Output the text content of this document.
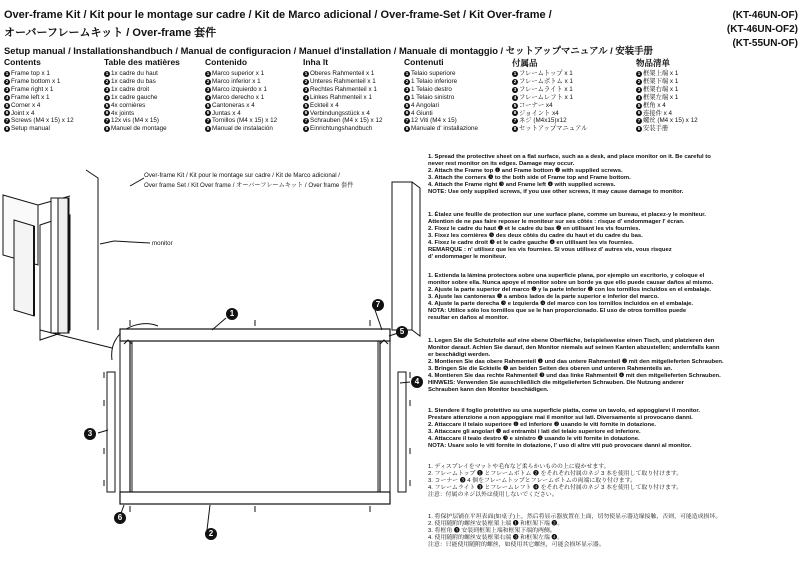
Over-frame Kit / Kit pour le montage sur cadre / Kit de Marco adicional / Over-frame-Set / Kit Over-frame /
オーバーフレームキット / Over-frame 套件
Setup manual / Installationshandbuch / Manual de configuracion / Manuel d'installation / Manuale di montaggio / セットアップマニュアル / 安装手册
(KT-46UN-OF)
(KT-46UN-OF2)
(KT-55UN-OF)
Contents
1 Frame top x 1
2 Frame bottom x 1
3 Frame right x 1
4 Frame left x 1
5 Corner x 4
6 Joint x 4
7 Screws (M4 x 15) x 12
8 Setup manual
Table des matières
1 1x cadre du haut
2 1x cadre du bas
3 1x cadre droit
4 1x cadre gauche
5 4x cornières
6 4x joints
7 12x vis (M4 x 15)
8 Manuel de montage
Contenido
1 Marco superior x 1
2 Marco inferior x 1
3 Marco izquierdo x 1
4 Marco derecho x 1
5 Cantoneras x 4
6 Juntas x 4
7 Tornillos (M4 x 15) x 12
8 Manual de instalación
Inha lt
1 Oberes Rahmenteil x 1
2 Unteres Rahmenteil x 1
3 Rechtes Rahmenteil x 1
4 Linkes Rahmenteil x 1
5 Eckteil x 4
6 Verbindungsstück x 4
7 Schrauben (M4 x 15) x 12
8 Einrichtungshandbuch
Contenuti
1 Telaio superiore
2 1 Telaio inferiore
3 1 Telaio destro
4 1 Telaio sinistro
5 4 Angolari
6 4 Giunti
7 12 Viti (M4 x 15)
8 Manuale d' installazione
付属品
1 フレームトップ x 1
2 フレームボトム x 1
3 フレームライト x 1
4 フレームレフト x 1
5 コーナー x4
6 ジョイント x4
7 ネジ (M4x15)x12
8 セットアップマニュアル
物品清单
1 框架上端 x 1
2 框架下端 x 1
3 框架右端 x 1
4 框架左端 x 1
5 框角 x 4
6 连接件 x 4
7 螺丝 (M4 x 15) x 12
8 安装手册
Over-frame Kit / Kit pour le montage sur cadre / Kit de Marco adicional /
Over frame Set / Kit Over frame / オーバーフレームキット / Over frame 套件
monitor
1
2
3
4
5
6
7

1. Spread the protective sheet on a flat surface, such as a desk, and place monitor on it. Be careful to

never rest monitor on its edges. Damage may occur.

2. Attach the Frame top ❶ and Frame bottom ❷ with supplied screws.

3. Attach the corners ❺ to the both side of Frame top and Frame bottom.

4. Attach the Frame right ❸ and Frame left ❹ with supplied screws.

NOTE: Use only supplied screws, if you use other screws, it may cause damage to monitor.

1. Étalez une feuille de protection sur une surface plane, comme un bureau, et placez-y le moniteur.

Attention de ne pas faire reposer le moniteur sur ses côtés : risque d' endommager l' écran.

2. Fixez le cadre du haut ❶ et le cadre du bas ❷ en utilisant les vis fournies.

3. Fixez les cornières ❺ des deux côtés du cadre du haut et du cadre du bas.

4. Fixez le cadre droit ❸ et le cadre gauche ❹ en utilisant les vis fournies.

REMARQUE : n' utilisez que les vis fournies. Si vous utilisez d' autres vis, vous risquez

d' endommager le moniteur.

1. Extienda la lámina protectora sobre una superficie plana, por ejemplo un escritorio, y coloque el

monitor sobre ella. Nunca apoye el monitor sobre un borde ya que ello puede causar daños al mismo.

2. Ajuste la parte superior del marco ❶ y la parte inferior ❷ con los tornillos incluidos en el embalaje.

3. Ajuste las cantoneras ❺ a ambos lados de la parte superior e inferior del marco.

4. Ajuste la parte derecha ❸ e izquierda ❹ del marco con los tornillos incluidos en el embalaje.

NOTA: Utilice sólo los tornillos que se le han proporcionado. El uso de otros tornillos puede

resultar en daños al monitor.

1. Legen Sie die Schutzfolie auf eine ebene Oberfläche, beispielsweise einen Tisch, und platzieren den

Monitor darauf. Achten Sie darauf, den Monitor niemals auf seinen Kanten abzustellen; andernfalls kann

er beschädigt werden.

2. Montieren Sie das obere Rahmenteil ❶ und das untere Rahmenteil ❷ mit den mitgelieferten Schrauben.

3. Bringen Sie die Eckteile ❺ an beiden Seiten des oberen und unteren Rahmenteils an.

4. Montieren Sie das rechte Rahmenteil ❸ und das linke Rahmenteil ❹ mit den mitgelieferten Schrauben.

HINWEIS: Verwenden Sie ausschließlich die mitgelieferten Schrauben. Die Nutzung anderer

Schrauben kann den Monitor beschädigen.

1. Stendere il foglio protettivo su una superficie piatta, come un tavolo, ed appoggiarvi il monitor.

Prestare attenzione a non appoggiare mai il monitor sui lati. Diversamente si provocano danni.

2. Attaccare il telaio superiore ❶ ed inferiore ❷ usando le viti fornite in dotazione.

3. Attaccare gli angolari ❺ ad entrambi i lati del telaio superiore ed inferiore.

4. Attaccare il teaio destro ❸ e sinistro ❹ usando le viti fornite in dotazione.

NOTA: Usare solo le viti fornite in dotazione, l' uso di altre viti può provocare danni al monitor.

1. ディスプレイをマットや毛布など柔らかいものの上に寝かせます。

2. フレームトップ ❶ とフレームボトム ❷ をそれぞれ付属のネジ 3 本を使用して取り付けます。

3. コーナー ❺ 4 個をフレームトップとフレームボトムの両端に取り付けます。

4. フレームライト ❸ とフレームレフト ❹ をそれぞれ付属のネジ 3 本を使用して取り付けます。

注意：付属のネジ以外は使用しないでください。

1. 将保护层铺在平坦表面(如桌子)上，然后将显示器放置在上面，切勿使显示器边缘接触，否则，可能造成损坏。

2. 使用随附的螺丝安装框架上端 ❶ 和框架下端 ❷。

3. 将框角 ❺ 安装到框架上端和框架下端的两侧。

4. 使用随附的螺丝安装框架右端 ❸ 和框架左端 ❹。

注意：只能使用随附的螺丝，如使用其它螺丝，可能会损坏显示器。
